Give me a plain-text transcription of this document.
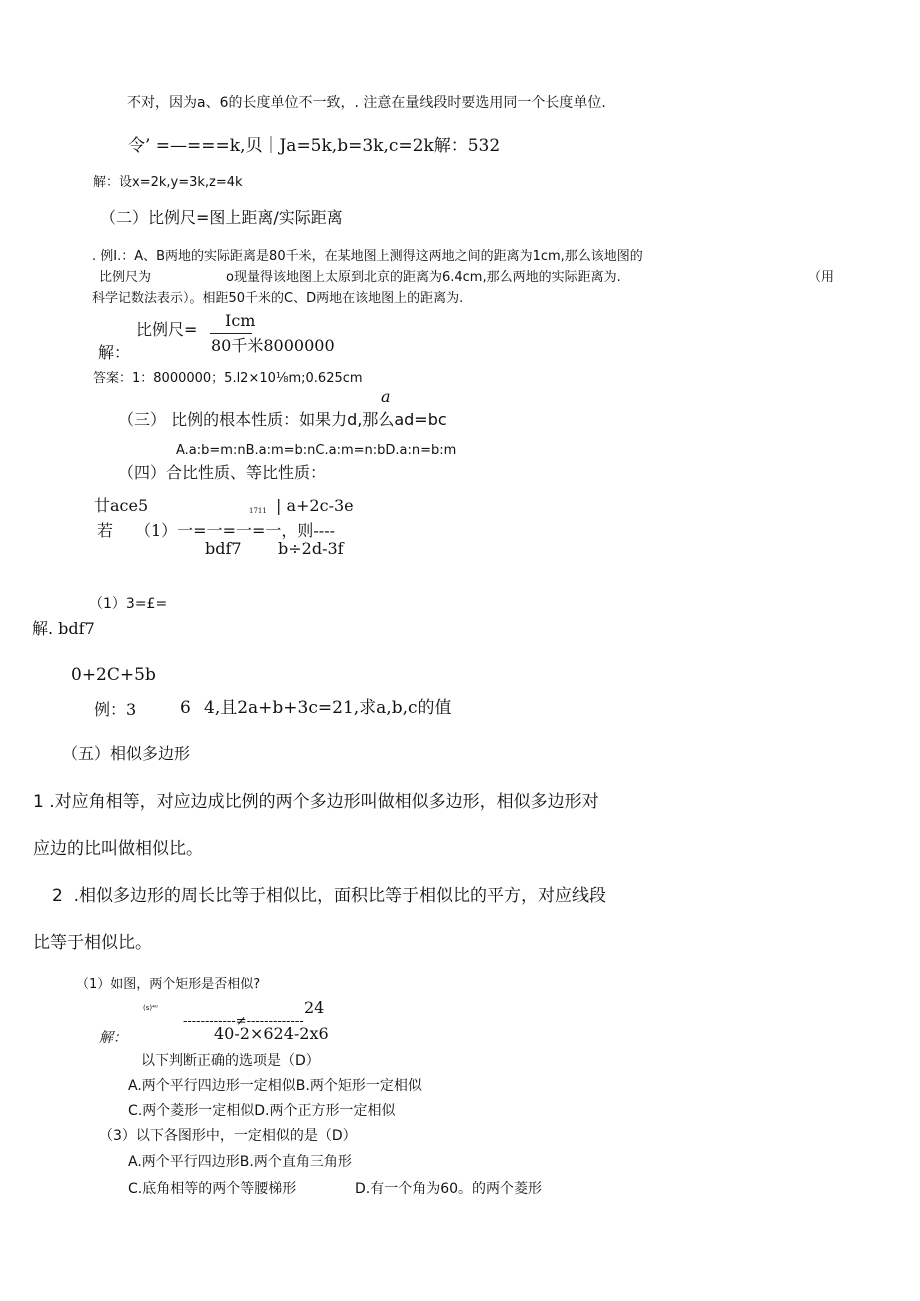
不对，因为a、6的长度单位不一致，. 注意在量线段时要选用同一个长度单位.
令’ =—===k,贝｜Ja=5k,b=3k,c=2k解：532
解：设x=2k,y=3k,z=4k
（二）比例尺=图上距离/实际距离
. 例I.：A、B两地的实际距离是80千米，在某地图上测得这两地之间的距离为1cm,那么该地图的
比例尺为	o现量得该地图上太原到北京的距离为6.4cm,那么两地的实际距离为.	（用
科学记数法表示）。相距50千米的C、D两地在该地图上的距离为.
比例尺= Icm
解：	80千米8000000
答案：1：8000000；5.l2×10⅛m;0.625cm
a
（三） 比例的根本性质：如果力d,那么ad=bc
A.a:b=m:nB.a:m=b:nC.a:m=n:bD.a:n=b:m
（四）合比性质、等比性质：
廿ace5	1711 | a+2c-3e
若 （1）一=一=一=一，则----
bdf7 b÷2d-3f
（1）3=£=
解. bdf7
0+2C+5b
例：3	6 4,且2a+b+3c=21,求a,b,c的值
（五）相似多边形
1 .对应角相等，对应边成比例的两个多边形叫做相似多边形，相似多边形对
应边的比叫做相似比。
2  .相似多边形的周长比等于相似比，面积比等于相似比的平方，对应线段
比等于相似比。
（1）如图，两个矩形是否相似?
(s)⁴⁰	24
------------≠-------------
解：	40-2×624-2x6
以下判断正确的选项是（D）
A.两个平行四边形一定相似B.两个矩形一定相似
C.两个菱形一定相似D.两个正方形一定相似
（3）以下各图形中，一定相似的是（D）
A.两个平行四边形B.两个直角三角形
C.底角相等的两个等腰梯形	D.有一个角为60。的两个菱形
